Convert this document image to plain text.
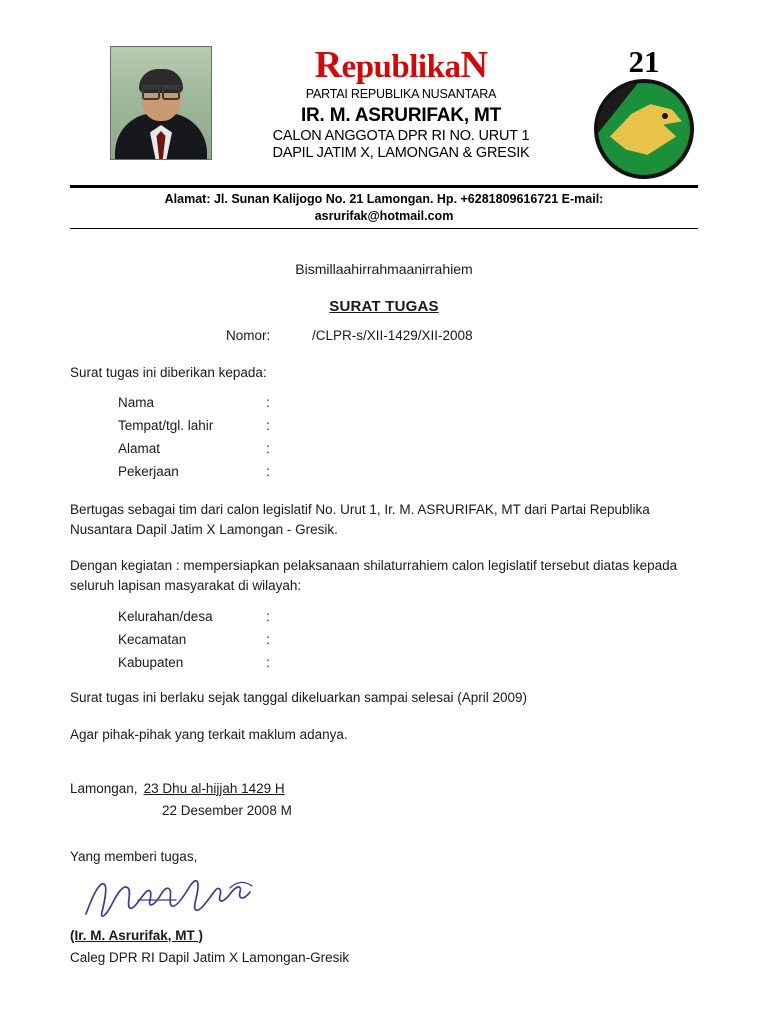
RepublikaN
PARTAI REPUBLIKA NUSANTARA
IR. M. ASRURIFAK, MT
CALON ANGGOTA DPR RI NO. URUT 1
DAPIL JATIM X, LAMONGAN & GRESIK
21
Alamat: Jl. Sunan Kalijogo No. 21 Lamongan. Hp. +6281809616721 E-mail:
asrurifak@hotmail.com
Bismillaahirrahmaanirrahiem
SURAT TUGAS
Nomor:	/CLPR-s/XII-1429/XII-2008
Surat tugas ini diberikan kepada:
Nama	:
Tempat/tgl. lahir	:
Alamat	:
Pekerjaan	:
Bertugas sebagai tim dari calon legislatif No. Urut 1, Ir. M. ASRURIFAK, MT dari Partai Republika Nusantara Dapil Jatim X Lamongan - Gresik.
Dengan kegiatan : mempersiapkan pelaksanaan shilaturrahiem calon legislatif tersebut diatas kepada seluruh lapisan masyarakat di wilayah:
Kelurahan/desa	:
Kecamatan	:
Kabupaten	:
Surat tugas ini berlaku sejak tanggal dikeluarkan sampai selesai (April 2009)
Agar pihak-pihak yang terkait maklum adanya.
Lamongan, 23 Dhu al-hijjah 1429 H
22 Desember 2008 M
Yang memberi tugas,
(Ir. M. Asrurifak, MT )
Caleg DPR RI Dapil Jatim X Lamongan-Gresik
